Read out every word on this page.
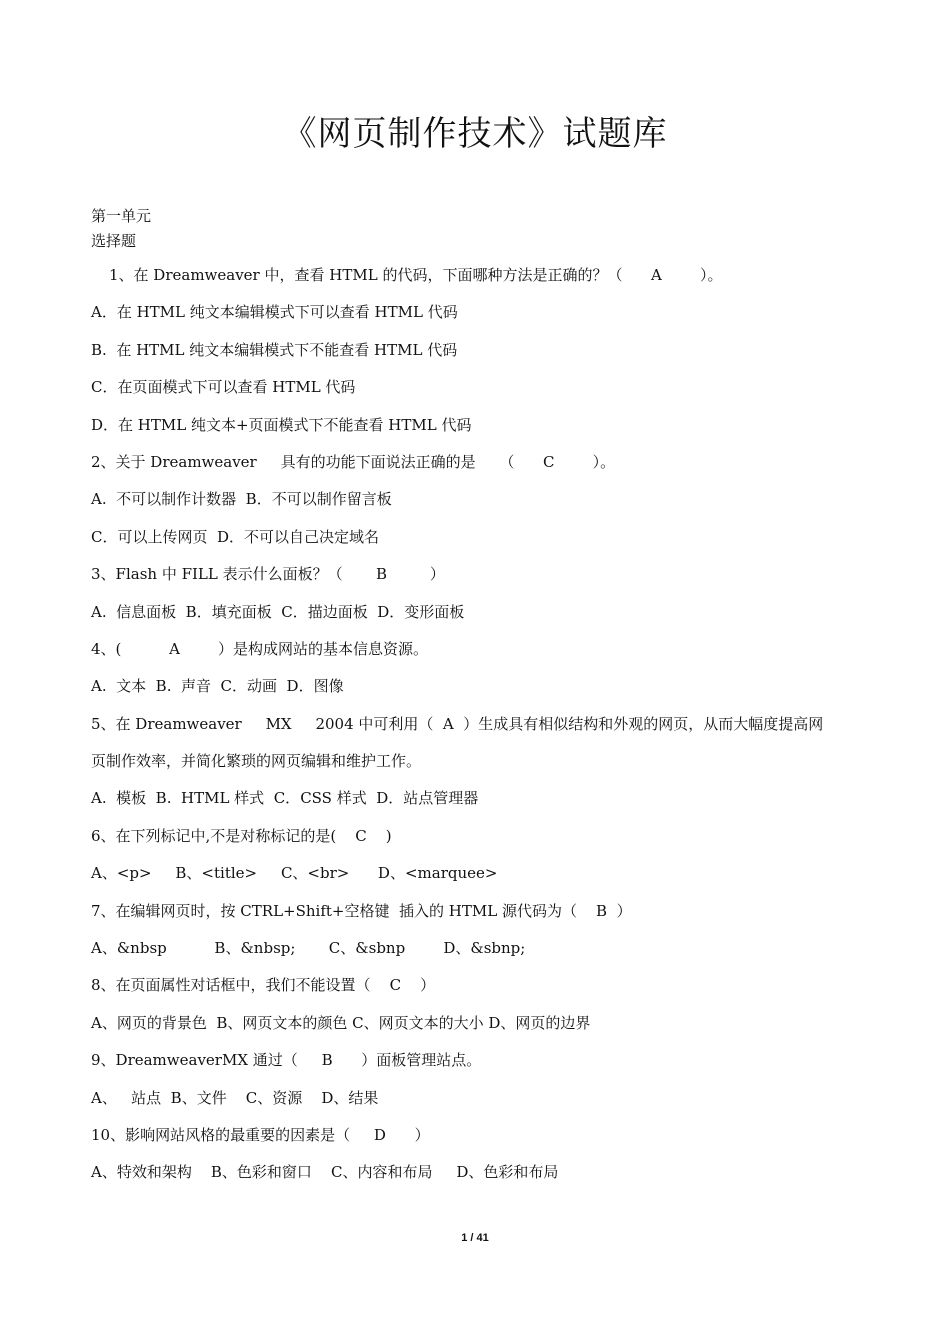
《网页制作技术》试题库
第一单元
选择题
1、在 Dreamweaver 中，查看 HTML 的代码，下面哪种方法是正确的？（      A        ）。
A．在 HTML 纯文本编辑模式下可以查看 HTML 代码
B.  在 HTML 纯文本编辑模式下不能查看 HTML 代码
C．在页面模式下可以查看 HTML 代码
D．在 HTML 纯文本+页面模式下不能查看 HTML 代码
2、关于 Dreamweaver     具有的功能下面说法正确的是     （      C        ）。
A.  不可以制作计数器  B．不可以制作留言板
C．可以上传网页  D．不可以自己决定域名
3、Flash 中 FILL 表示什么面板？（       B         ）
A.  信息面板  B．填充面板  C．描边面板  D．变形面板
4、(          A        ）是构成网站的基本信息资源。
A.  文本  B.  声音  C．动画  D．图像
5、在 Dreamweaver     MX     2004 中可利用（  A  ）生成具有相似结构和外观的网页，从而大幅度提高网
页制作效率，并简化繁琐的网页编辑和维护工作。
A.  模板  B.  HTML 样式  C．CSS 样式  D．站点管理器
6、在下列标记中,不是对称标记的是(    C    )
A、<p>     B、<title>     C、<br>      D、<marquee>
7、在编辑网页时，按 CTRL+Shift+空格键  插入的 HTML 源代码为（    B  ）
A、&nbsp          B、&nbsp;       C、&sbnp        D、&sbnp;
8、在页面属性对话框中，我们不能设置（    C    ）
A、网页的背景色  B、网页文本的颜色 C、网页文本的大小 D、网页的边界
9、DreamweaverMX 通过（     B      ）面板管理站点。
A、   站点  B、文件    C、资源    D、结果
10、影响网站风格的最重要的因素是（     D      ）
A、特效和架构    B、色彩和窗口    C、内容和布局     D、色彩和布局
1 / 41
